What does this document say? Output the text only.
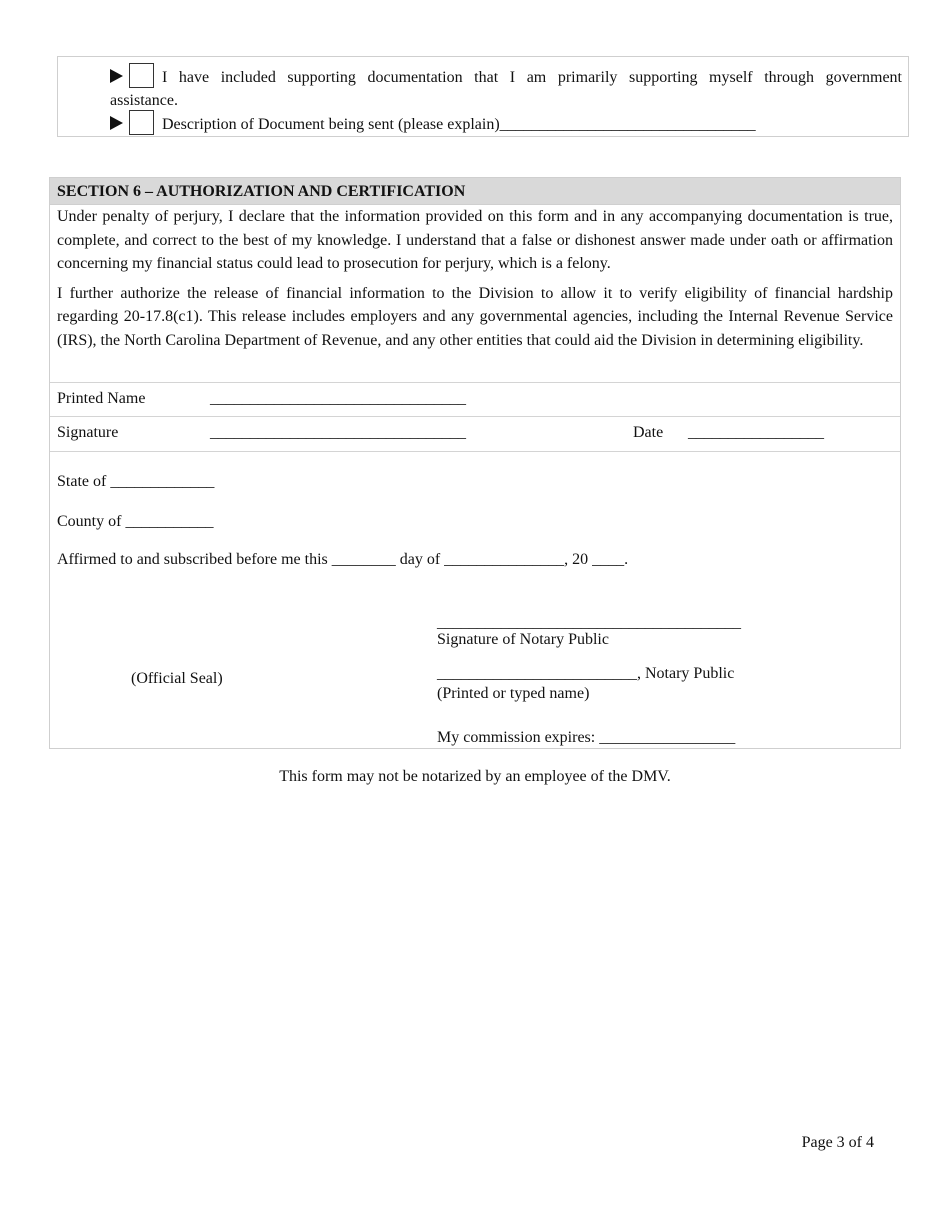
I have included supporting documentation that I am primarily supporting myself through government
assistance.
Description of Document being sent (please explain)________________________________
SECTION 6 – AUTHORIZATION AND CERTIFICATION

Under penalty of perjury, I declare that the information provided on this form and in any accompanying documentation is true, complete, and correct to the best of my knowledge. I understand that a false or dishonest answer made under oath or affirmation concerning my financial status could lead to prosecution for perjury, which is a felony.

I further authorize the release of financial information to the Division to allow it to verify eligibility of financial hardship regarding 20-17.8(c1). This release includes employers and any governmental agencies, including the Internal Revenue Service (IRS), the North Carolina Department of Revenue, and any other entities that could aid the Division in determining eligibility.

Printed Name	________________________________
Signature	________________________________	Date _________________
State of _____________
County of ___________
Affirmed to and subscribed before me this ________ day of _______________, 20 ____.
______________________________________
Signature of Notary Public
_________________________, Notary Public
(Printed or typed name)
(Official Seal)
My commission expires: _________________
This form may not be notarized by an employee of the DMV.
Page 3 of 4
